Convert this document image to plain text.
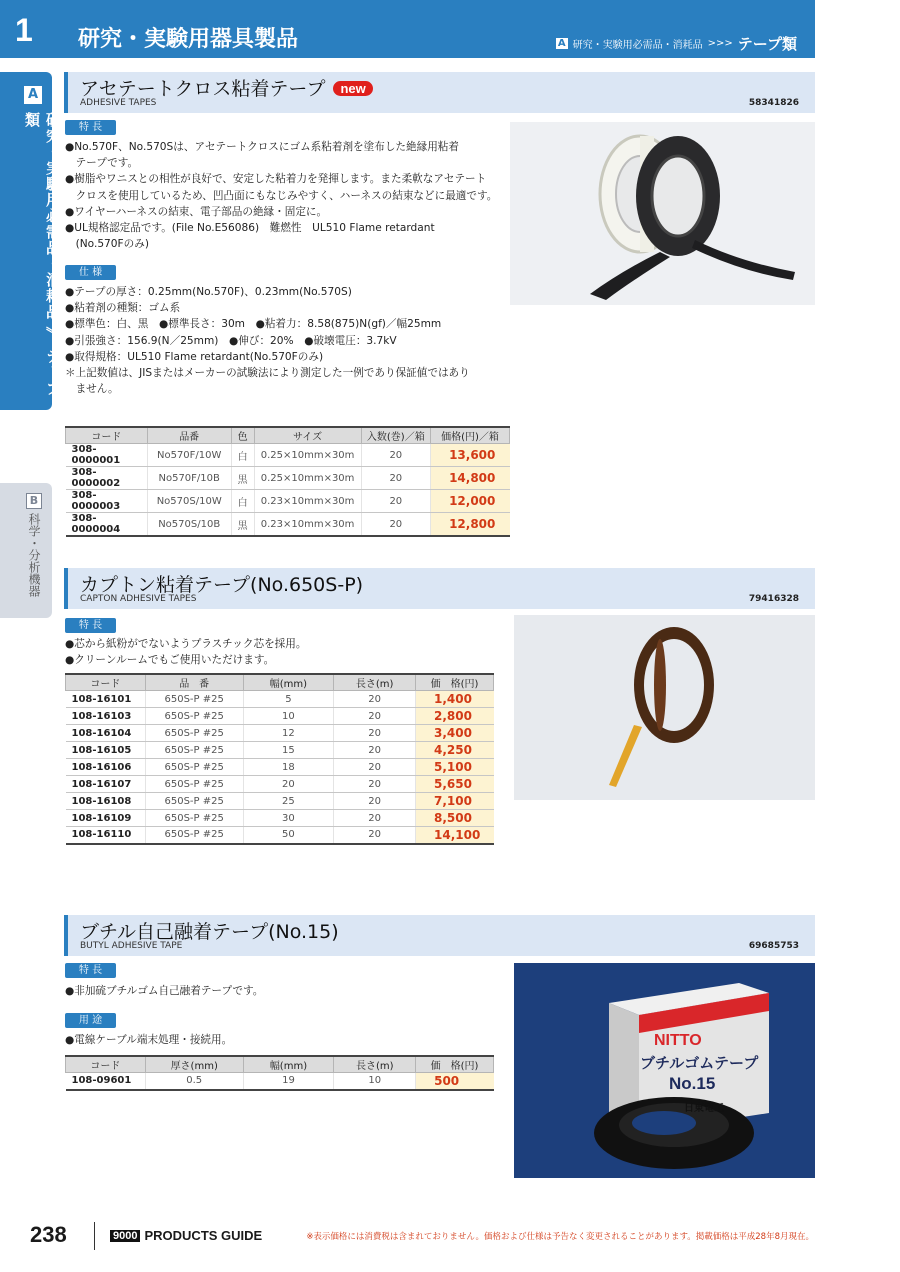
1 研究・実験用器具製品	A 研究・実験用必需品・消耗品 >>> テープ類
A
研究・実験用必需品・消耗品 》 テープ類
B
科学・分析機器
アセテートクロス粘着テープ new
ADHESIVE TAPES	58341826
特 長
●No.570F、No.570Sは、アセテートクロスにゴム系粘着剤を塗布した絶縁用粘着
　テープです。
●樹脂やワニスとの相性が良好で、安定した粘着力を発揮します。また柔軟なアセテート
　クロスを使用しているため、凹凸面にもなじみやすく、ハーネスの結束などに最適です。
●ワイヤーハーネスの結束、電子部品の絶縁・固定に。
●UL規格認定品です。(File No.E56086)　難燃性　UL510 Flame retardant
　(No.570Fのみ)
仕 様
●テープの厚さ：0.25mm(No.570F)、0.23mm(No.570S)
●粘着剤の種類：ゴム系
●標準色：白、黒　●標準長さ：30m　●粘着力：8.58(875)N(gf)／幅25mm
●引張強さ：156.9(N／25mm)　●伸び：20%　●破壊電圧：3.7kV
●取得規格：UL510 Flame retardant(No.570Fのみ)
＊上記数値は、JISまたはメーカーの試験法により測定した一例であり保証値ではあり
　ません。
コード	品番	色	サイズ	入数(巻)／箱	価格(円)／箱
308-0000001	No570F/10W	白	0.25×10mm×30m	20	13,600
308-0000002	No570F/10B	黒	0.25×10mm×30m	20	14,800
308-0000003	No570S/10W	白	0.23×10mm×30m	20	12,000
308-0000004	No570S/10B	黒	0.23×10mm×30m	20	12,800
カプトン粘着テープ(No.650S-P)
CAPTON ADHESIVE TAPES	79416328
特 長
●芯から紙粉がでないようプラスチック芯を採用。
●クリーンルームでもご使用いただけます。
コード	品　番	幅(mm)	長さ(m)	価　格(円)
108-16101	650S-P #25	5	20	1,400
108-16103	650S-P #25	10	20	2,800
108-16104	650S-P #25	12	20	3,400
108-16105	650S-P #25	15	20	4,250
108-16106	650S-P #25	18	20	5,100
108-16107	650S-P #25	20	20	5,650
108-16108	650S-P #25	25	20	7,100
108-16109	650S-P #25	30	20	8,500
108-16110	650S-P #25	50	20	14,100
ブチル自己融着テープ(No.15)
BUTYL ADHESIVE TAPE	69685753
特 長
●非加硫ブチルゴム自己融着テープです。
用 途
●電線ケーブル端末処理・接続用。	NITTO
ブチルゴムテープ
No.15
日東電工
コード	厚さ(mm)	幅(mm)	長さ(m)	価　格(円)
108-09601	0.5	19	10	500
238	9000 PRODUCTS GUIDE	※表示価格には消費税は含まれておりません。価格および仕様は予告なく変更されることがあります。掲載価格は平成28年8月現在。
